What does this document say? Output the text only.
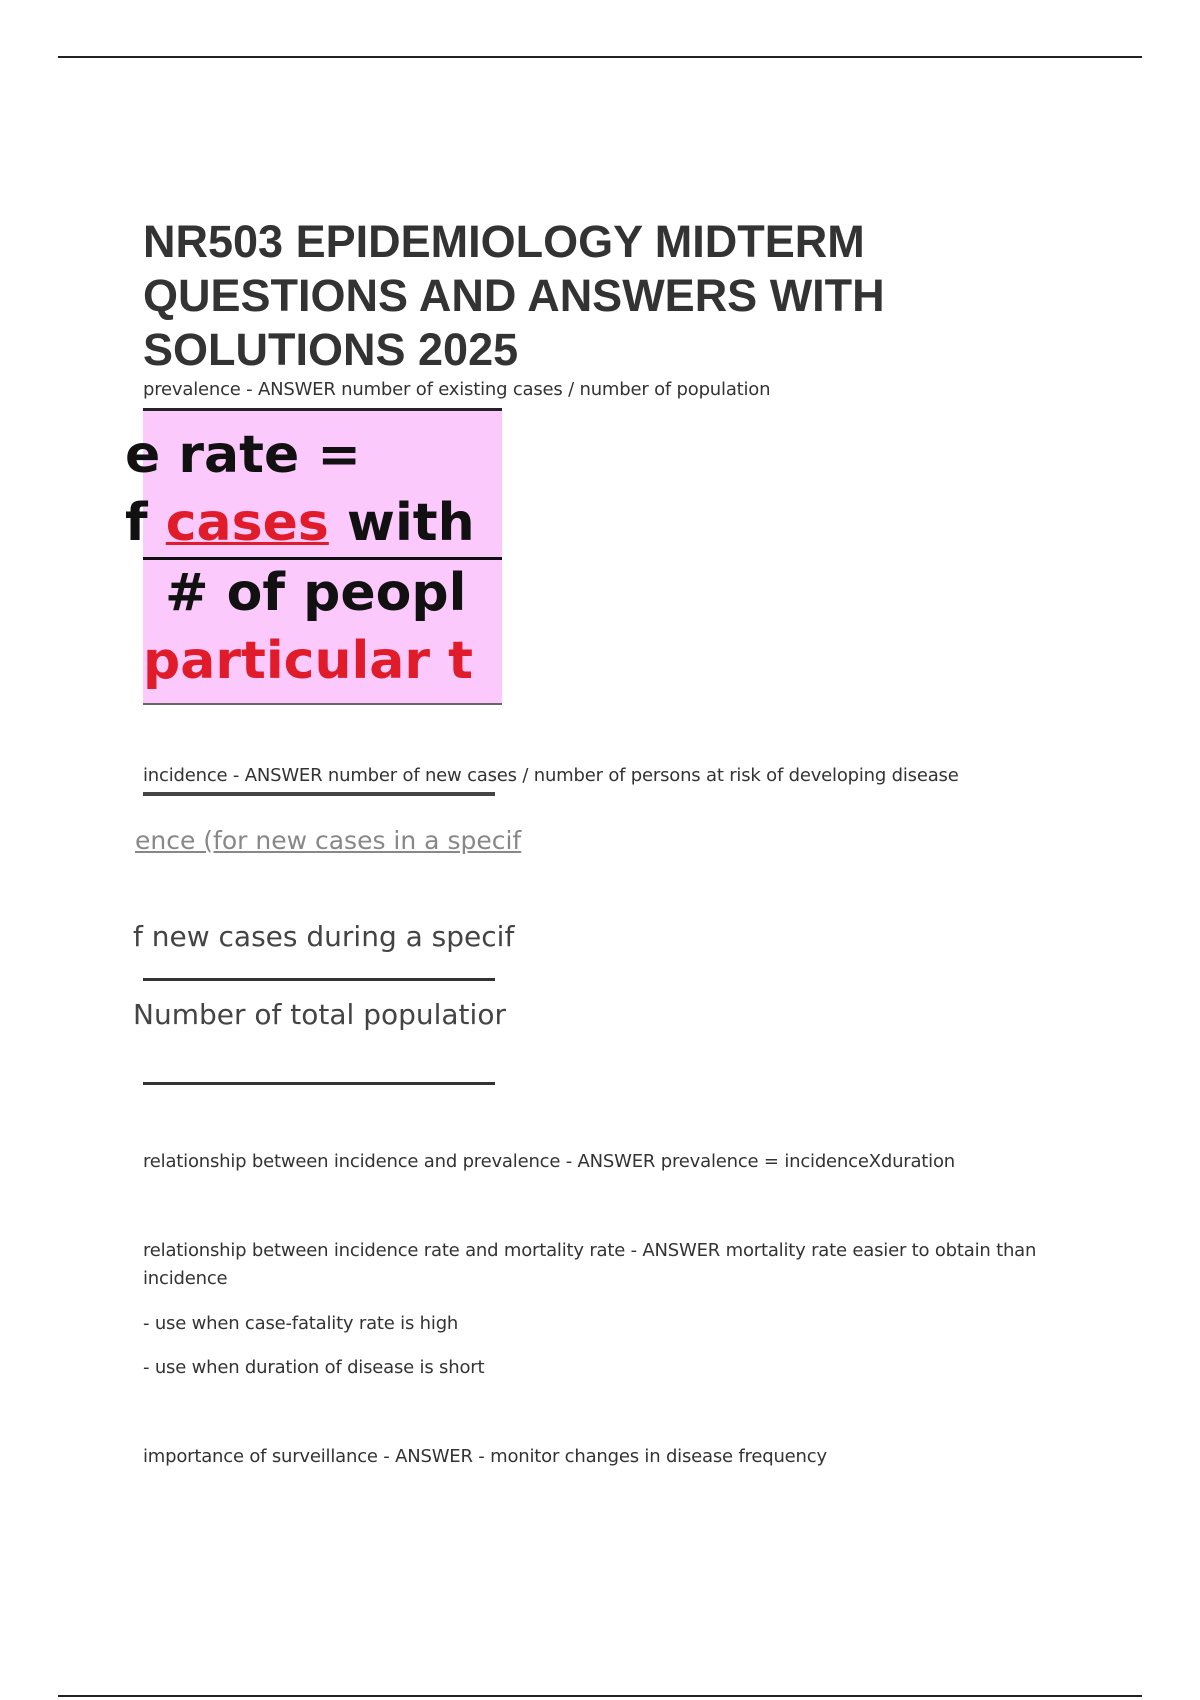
NR503 EPIDEMIOLOGY MIDTERM
QUESTIONS AND ANSWERS WITH
SOLUTIONS 2025
prevalence - ANSWER number of existing cases / number of population
e rate =
f cases with
# of peopl
particular t
incidence - ANSWER number of new cases / number of persons at risk of developing disease
ence (for new cases in a specif
f new cases during a specif
Number of total populatior
relationship between incidence and prevalence - ANSWER prevalence = incidenceXduration
relationship between incidence rate and mortality rate - ANSWER mortality rate easier to obtain than
incidence
- use when case-fatality rate is high
- use when duration of disease is short
importance of surveillance - ANSWER - monitor changes in disease frequency
